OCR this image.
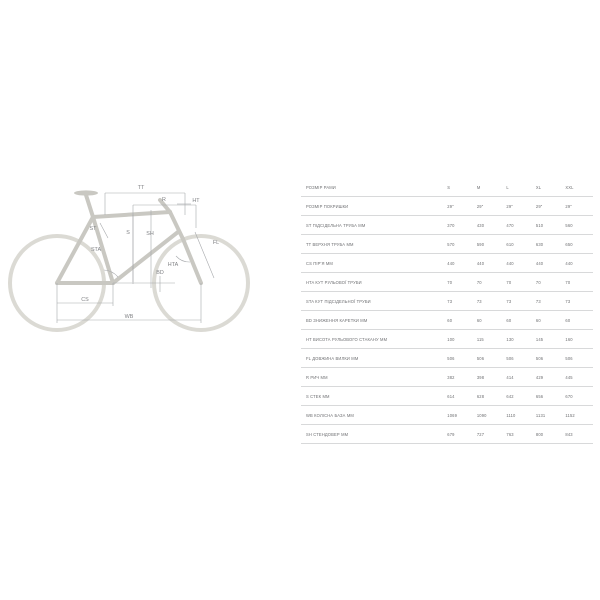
TT
R	HT
S	SH
FL
ST
STA
HTA
BD
CS
WB
РОЗМІР РАМИ	S	M	L	XL	XXL
РОЗМІР ПОКРИШКИ	29"	29"	29"	29"	29"
ST ПІДСІДЕЛЬНА ТРУБА ММ	370	430	470	510	560
TT ВЕРХНЯ ТРУБА ММ	570	590	610	630	650
CS ПІР'Я ММ	440	440	440	440	440
HTA КУТ РУЛЬОВОЇ ТРУБИ	70	70	70	70	70
STA КУТ ПІДСІДЕЛЬНОЇ ТРУБИ	73	73	73	73	73
BD ЗНИЖЕННЯ КАРЕТКИ ММ	60	60	60	60	60
HT ВИСОТА РУЛЬОВОГО СТАКАНУ ММ	100	115	130	145	160
FL ДОВЖИНА ВИЛКИ ММ	506	506	506	506	506
R РИЧ ММ	382	398	414	429	445
S СТЕК ММ	614	628	642	656	670
WB КОЛІСНА БАЗА ММ	1069	1090	1110	1131	1152
SH СТЕНДОВЕР ММ	679	727	763	800	843
